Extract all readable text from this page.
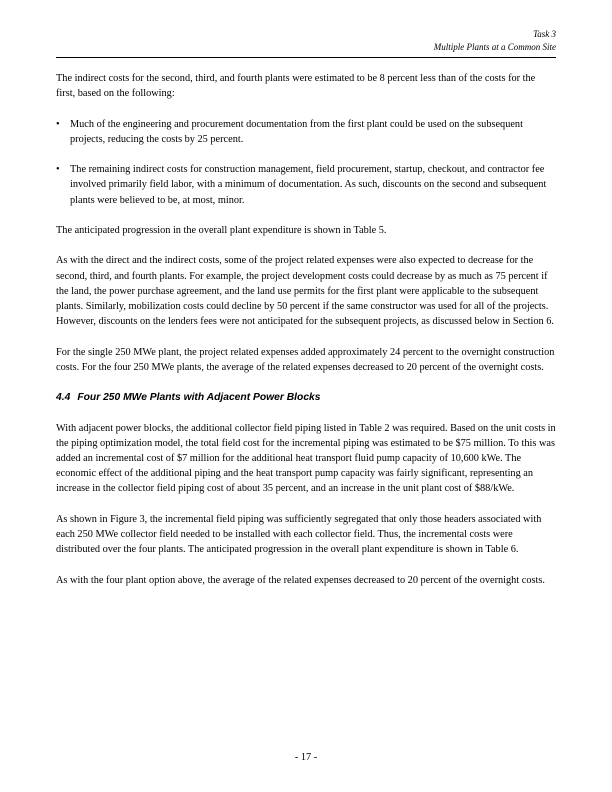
Task 3
Multiple Plants at a Common Site

The indirect costs for the second, third, and fourth plants were estimated to be 8 percent less than of the costs for the first, based on the following:

• Much of the engineering and procurement documentation from the first plant could be used on the subsequent projects, reducing the costs by 25 percent.
• The remaining indirect costs for construction management, field procurement, startup, checkout, and contractor fee involved primarily field labor, with a minimum of documentation. As such, discounts on the second and subsequent plants were believed to be, at most, minor.

The anticipated progression in the overall plant expenditure is shown in Table 5.

As with the direct and the indirect costs, some of the project related expenses were also expected to decrease for the second, third, and fourth plants. For example, the project development costs could decrease by as much as 75 percent if the land, the power purchase agreement, and the land use permits for the first plant were applicable to the subsequent plants. Similarly, mobilization costs could decline by 50 percent if the same constructor was used for all of the projects. However, discounts on the lenders fees were not anticipated for the subsequent projects, as discussed below in Section 6.

For the single 250 MWe plant, the project related expenses added approximately 24 percent to the overnight construction costs. For the four 250 MWe plants, the average of the related expenses decreased to 20 percent of the overnight costs.

4.4 Four 250 MWe Plants with Adjacent Power Blocks

With adjacent power blocks, the additional collector field piping listed in Table 2 was required. Based on the unit costs in the piping optimization model, the total field cost for the incremental piping was estimated to be $75 million. To this was added an incremental cost of $7 million for the additional heat transport fluid pump capacity of 10,600 kWe. The economic effect of the additional piping and the heat transport pump capacity was fairly significant, representing an increase in the collector field piping cost of about 35 percent, and an increase in the unit plant cost of $88/kWe.

As shown in Figure 3, the incremental field piping was sufficiently segregated that only those headers associated with each 250 MWe collector field needed to be installed with each collector field. Thus, the incremental costs were distributed over the four plants. The anticipated progression in the overall plant expenditure is shown in Table 6.

As with the four plant option above, the average of the related expenses decreased to 20 percent of the overnight costs.

- 17 -
